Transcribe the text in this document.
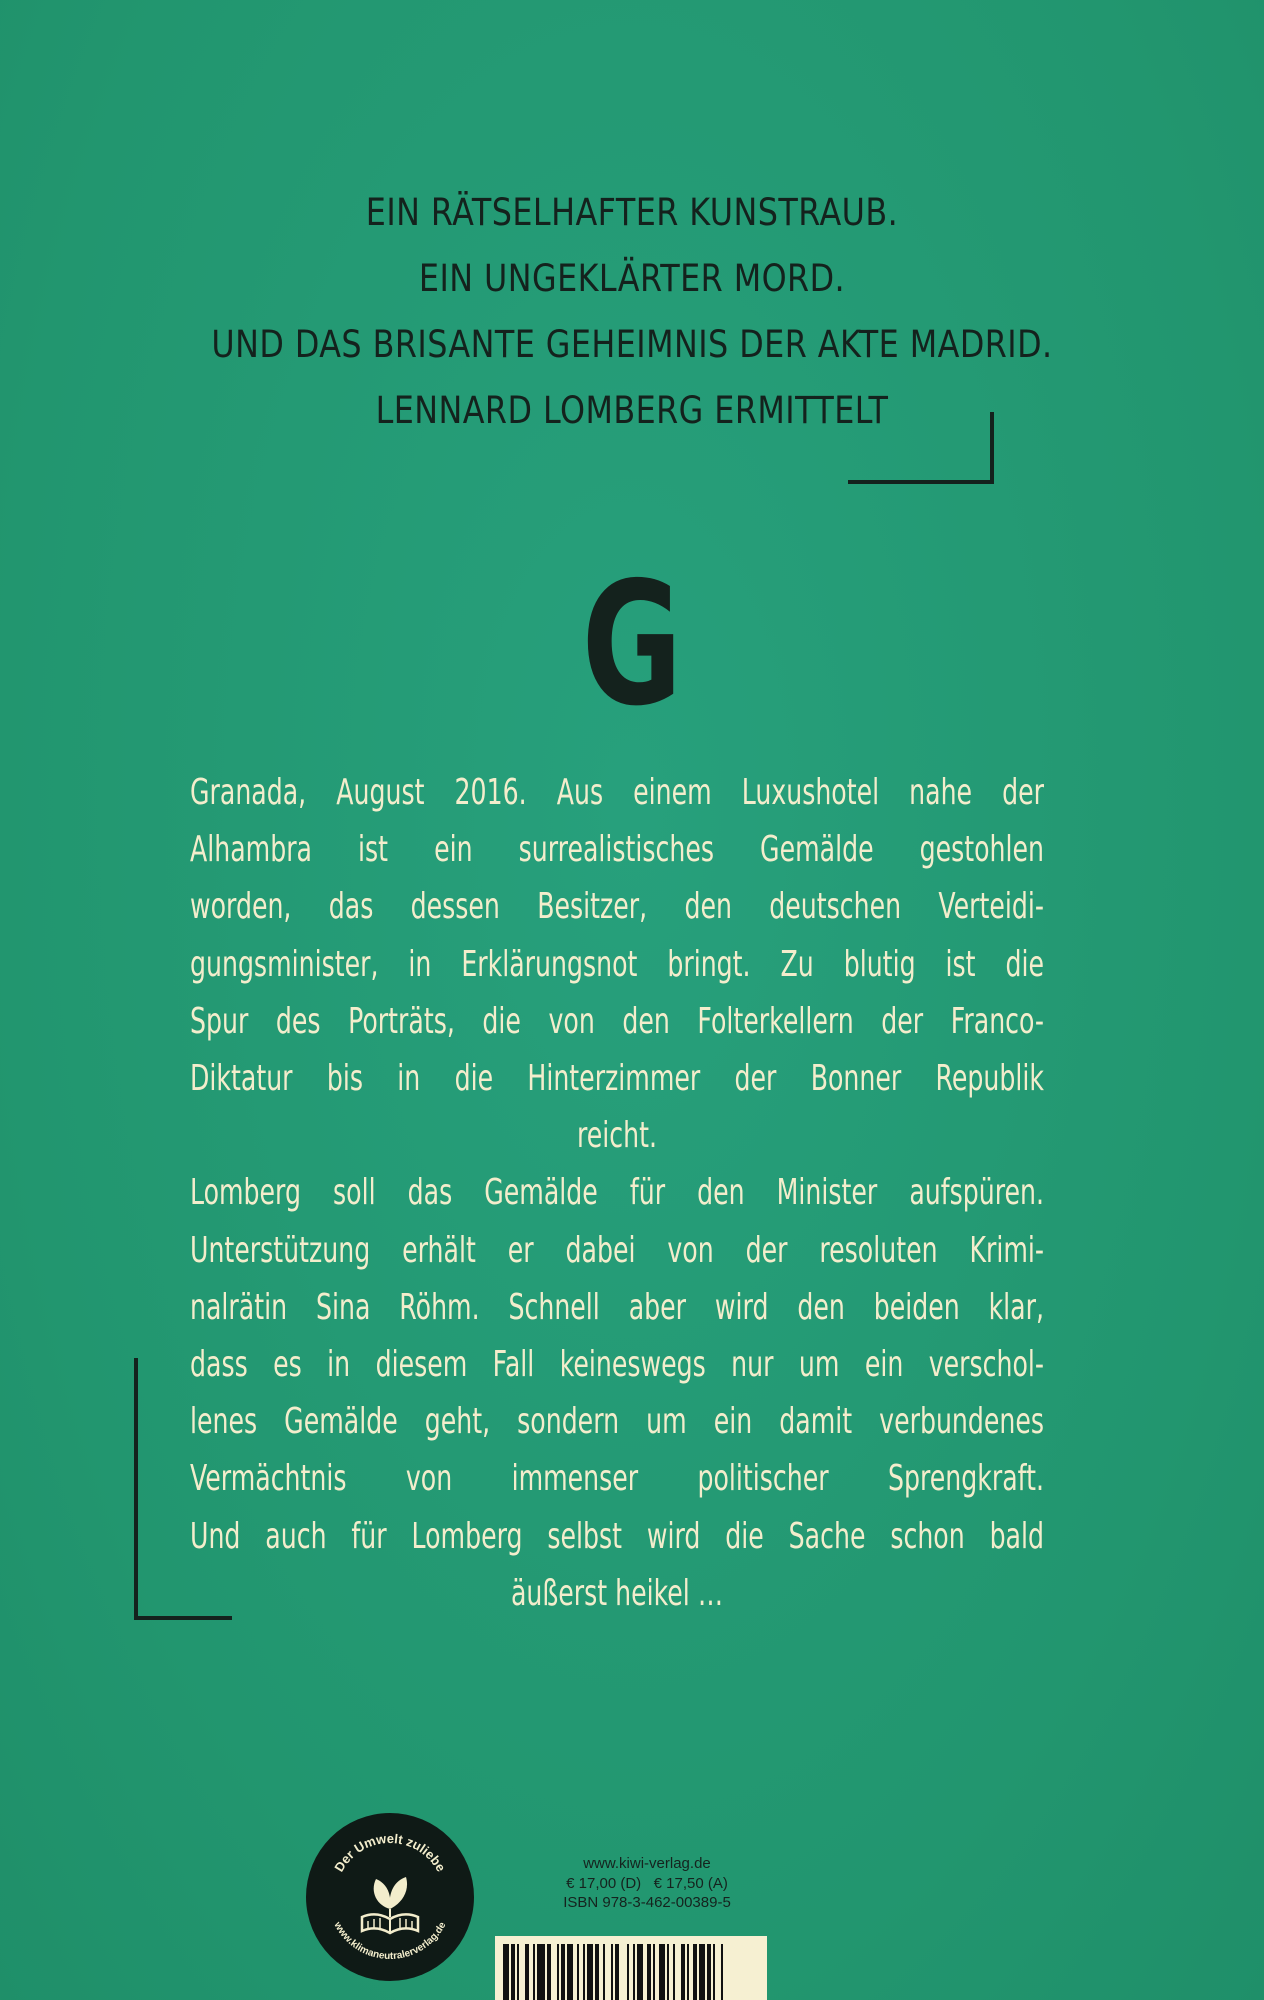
EIN RÄTSELHAFTER KUNSTRAUB.
EIN UNGEKLÄRTER MORD.
UND DAS BRISANTE GEHEIMNIS DER AKTE MADRID.
LENNARD LOMBERG ERMITTELT
G
Granada, August 2016. Aus einem Luxushotel nahe der
Alhambra ist ein surrealistisches Gemälde gestohlen
worden, das dessen Besitzer, den deutschen Verteidi-
gungsminister, in Erklärungsnot bringt. Zu blutig ist die
Spur des Porträts, die von den Folterkellern der Franco-
Diktatur bis in die Hinterzimmer der Bonner Republik
reicht.
Lomberg soll das Gemälde für den Minister aufspüren.
Unterstützung erhält er dabei von der resoluten Krimi-
nalrätin Sina Röhm. Schnell aber wird den beiden klar,
dass es in diesem Fall keineswegs nur um ein verschol-
lenes Gemälde geht, sondern um ein damit verbundenes
Vermächtnis von immenser politischer Sprengkraft.
Und auch für Lomberg selbst wird die Sache schon bald
äußerst heikel …
Der Umwelt zuliebe
www.klimaneutralerverlag.de
www.kiwi-verlag.de
€ 17,00 (D)   € 17,50 (A)
ISBN 978-3-462-00389-5
